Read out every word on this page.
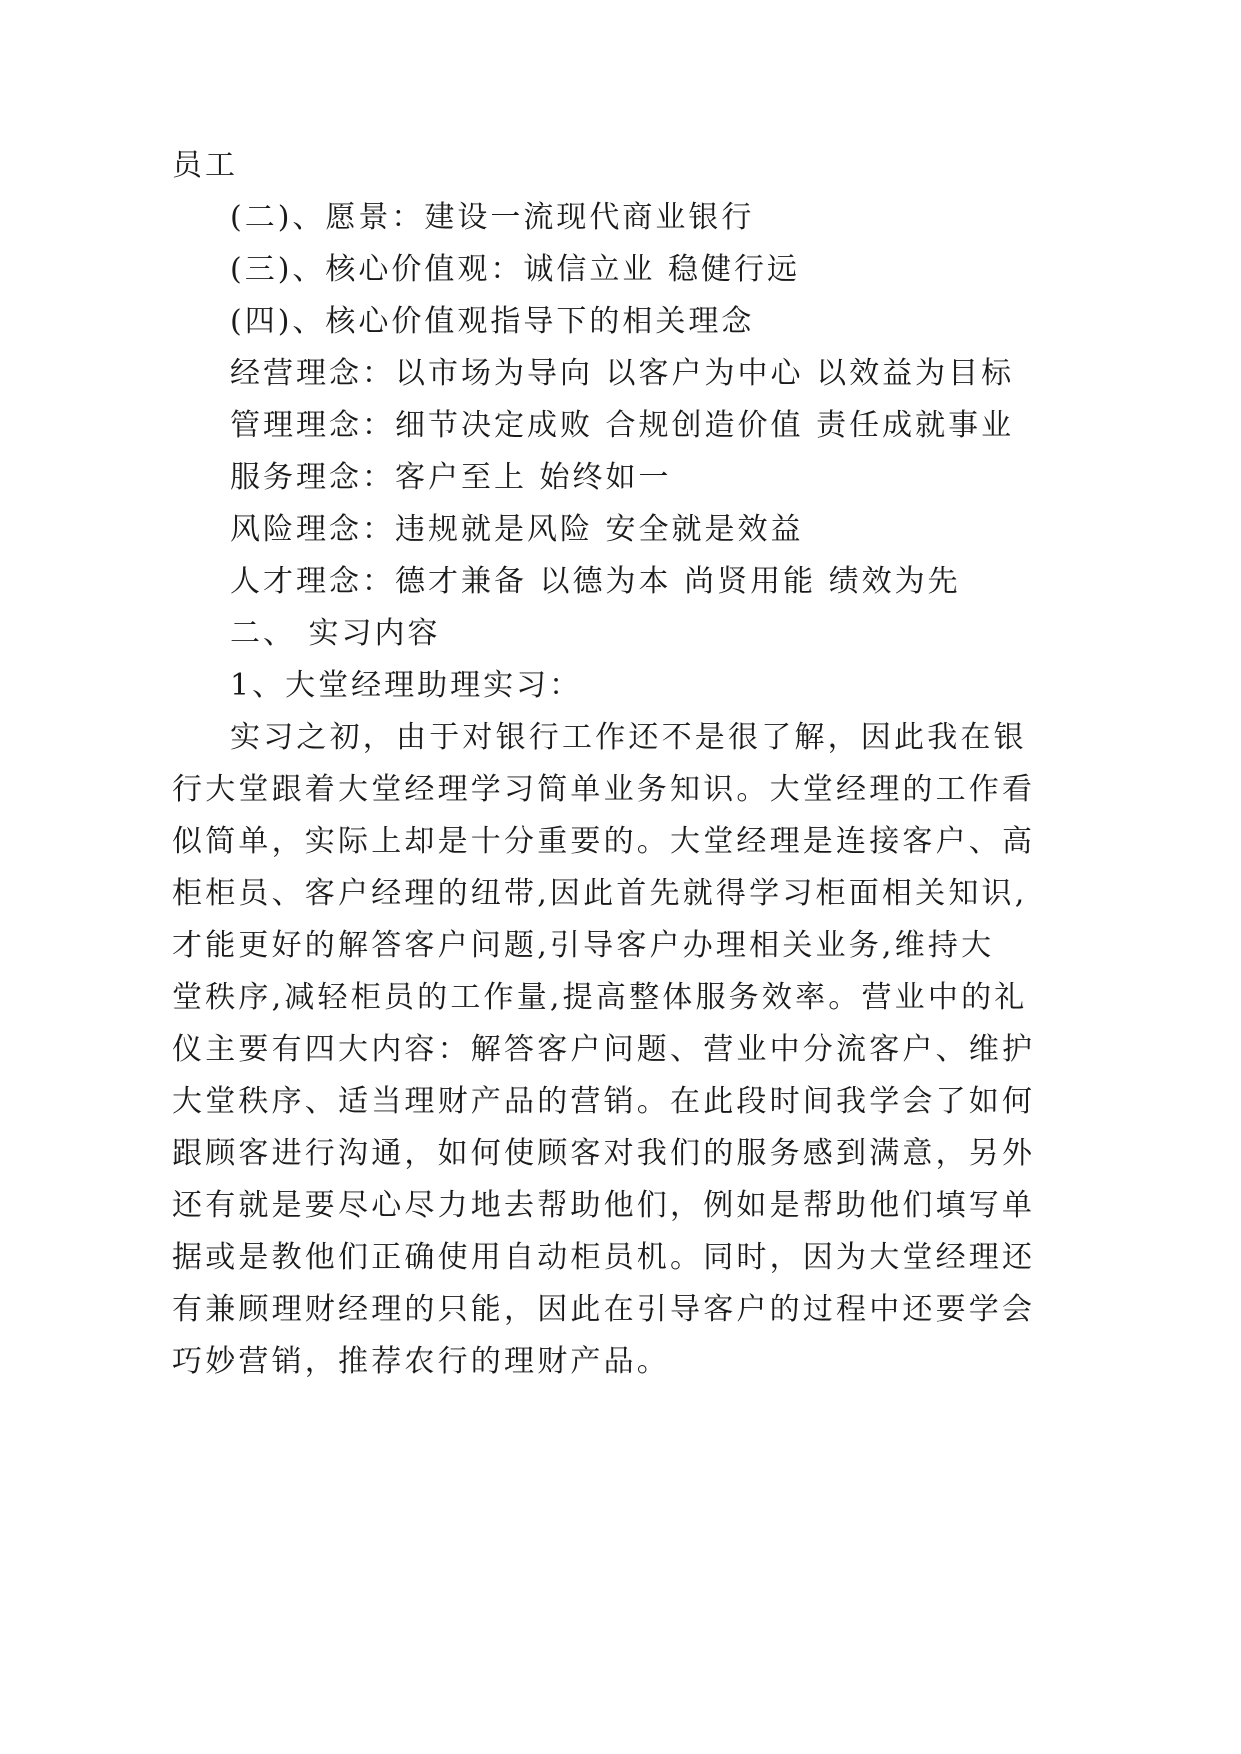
员工
(二)、愿景：建设一流现代商业银行
(三)、核心价值观：诚信立业 稳健行远
(四)、核心价值观指导下的相关理念
经营理念：以市场为导向 以客户为中心 以效益为目标
管理理念：细节决定成败 合规创造价值 责任成就事业
服务理念：客户至上 始终如一
风险理念：违规就是风险 安全就是效益
人才理念：德才兼备 以德为本 尚贤用能 绩效为先
二、 实习内容
1、大堂经理助理实习：
实习之初，由于对银行工作还不是很了解，因此我在银
行大堂跟着大堂经理学习简单业务知识。大堂经理的工作看
似简单，实际上却是十分重要的。大堂经理是连接客户、高
柜柜员、客户经理的纽带,因此首先就得学习柜面相关知识,
才能更好的解答客户问题,引导客户办理相关业务,维持大
堂秩序,减轻柜员的工作量,提高整体服务效率。营业中的礼
仪主要有四大内容：解答客户问题、营业中分流客户、维护
大堂秩序、适当理财产品的营销。在此段时间我学会了如何
跟顾客进行沟通，如何使顾客对我们的服务感到满意，另外
还有就是要尽心尽力地去帮助他们，例如是帮助他们填写单
据或是教他们正确使用自动柜员机。同时，因为大堂经理还
有兼顾理财经理的只能，因此在引导客户的过程中还要学会
巧妙营销，推荐农行的理财产品。
